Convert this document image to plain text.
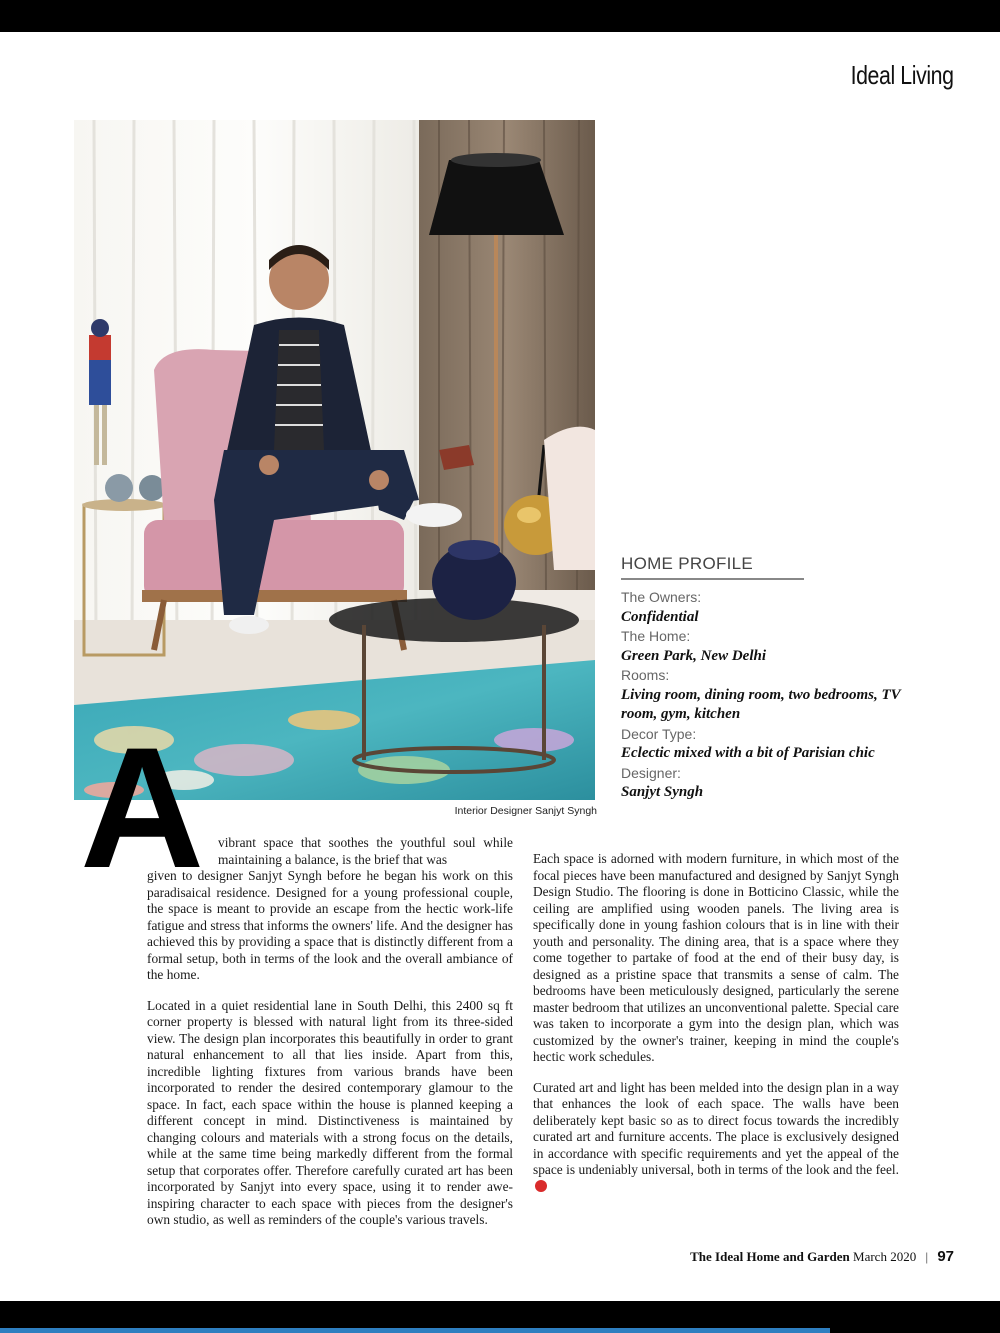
Ideal Living
Interior Designer Sanjyt Syngh
HOME PROFILE
The Owners:
Confidential
The Home:
Green Park, New Delhi
Rooms:
Living room, dining room, two bedrooms, TV room, gym, kitchen
Decor Type:
Eclectic mixed with a bit of Parisian chic
Designer:
Sanjyt Syngh
A vibrant space that soothes the youthful soul while maintaining a balance, is the brief that was

given to designer Sanjyt Syngh before he began his work on this paradisaical residence. Designed for a young professional couple, the space is meant to provide an escape from the hectic work-life fatigue and stress that informs the owners' life. And the designer has achieved this by providing a space that is distinctly different from a formal setup, both in terms of the look and the overall ambiance of the home.

Located in a quiet residential lane in South Delhi, this 2400 sq ft corner property is blessed with natural light from its three-sided view. The design plan incorporates this beautifully in order to grant natural enhancement to all that lies inside. Apart from this, incredible lighting fixtures from various brands have been incorporated to render the desired contemporary glamour to the space. In fact, each space within the house is planned keeping a different concept in mind. Distinctiveness is maintained by changing colours and materials with a strong focus on the details, while at the same time being markedly different from the formal setup that corporates offer. Therefore carefully curated art has been incorporated by Sanjyt into every space, using it to render awe-inspiring character to each space with pieces from the designer's own studio, as well as reminders of the couple's various travels.

Each space is adorned with modern furniture, in which most of the focal pieces have been manufactured and designed by Sanjyt Syngh Design Studio. The flooring is done in Botticino Classic, while the ceiling are amplified using wooden panels. The living area is specifically done in young fashion colours that is in line with their youth and personality. The dining area, that is a space where they come together to partake of food at the end of their busy day, is designed as a pristine space that transmits a sense of calm. The bedrooms have been meticulously designed, particularly the serene master bedroom that utilizes an unconventional palette. Special care was taken to incorporate a gym into the design plan, which was customized by the owner's trainer, keeping in mind the couple's hectic work schedules.

Curated art and light has been melded into the design plan in a way that enhances the look of each space. The walls have been deliberately kept basic so as to direct focus towards the incredibly curated art and furniture accents. The place is exclusively designed in accordance with specific requirements and yet the appeal of the space is undeniably universal, both in terms of the look and the feel.

The Ideal Home and Garden March 2020 | 97
